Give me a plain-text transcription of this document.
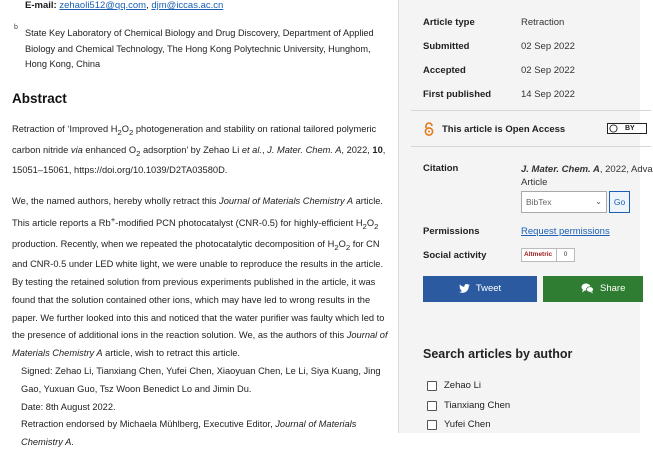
E-mail: zehaoli512@qq.com, djm@iccas.ac.cn
b
State Key Laboratory of Chemical Biology and Drug Discovery, Department of Applied Biology and Chemical Technology, The Hong Kong Polytechnic University, Hunghom, Hong Kong, China
Abstract

Retraction of ‘Improved $H_2O_2$ photogeneration and stability on rational tailored polymeric carbon nitride via enhanced $O_2$ adsorption’ by Zehao Li et al., J. Mater. Chem. A, 2022, 10, 15051–15061, https://doi.org/10.1039/D2TA03580D.

We, the named authors, hereby wholly retract this Journal of Materials Chemistry A article. This article reports a Rb+-modified PCN photocatalyst (CNR-0.5) for highly-efficient $H_2O_2$ production. Recently, when we repeated the photocatalytic decomposition of $H_2O_2$ for CN and CNR-0.5 under LED white light, we were unable to reproduce the results in the article. By testing the retained solution from previous experiments published in the article, it was found that the solution contained other ions, which may have led to wrong results in the paper. We further looked into this and noticed that the water purifier was faulty which led to the presence of additional ions in the reaction solution. We, as the authors of this Journal of Materials Chemistry A article, wish to retract this article.

Signed: Zehao Li, Tianxiang Chen, Yufei Chen, Xiaoyuan Chen, Le Li, Siya Kuang, Jing Gao, Yuxuan Guo, Tsz Woon Benedict Lo and Jimin Du.

Date: 8th August 2022.

Retraction endorsed by Michaela Mühlberg, Executive Editor, Journal of Materials Chemistry A.

Article type	Retraction
Submitted	02 Sep 2022
Accepted	02 Sep 2022
First published	14 Sep 2022
This article is Open Access	BY
Citation	J. Mater. Chem. A, 2022, Adva
Article
BibTex	⌄	Go
Permissions	Request permissions
Social activity	Altmetric	0
Tweet	Share
Search articles by author
Zehao Li
Tianxiang Chen
Yufei Chen
